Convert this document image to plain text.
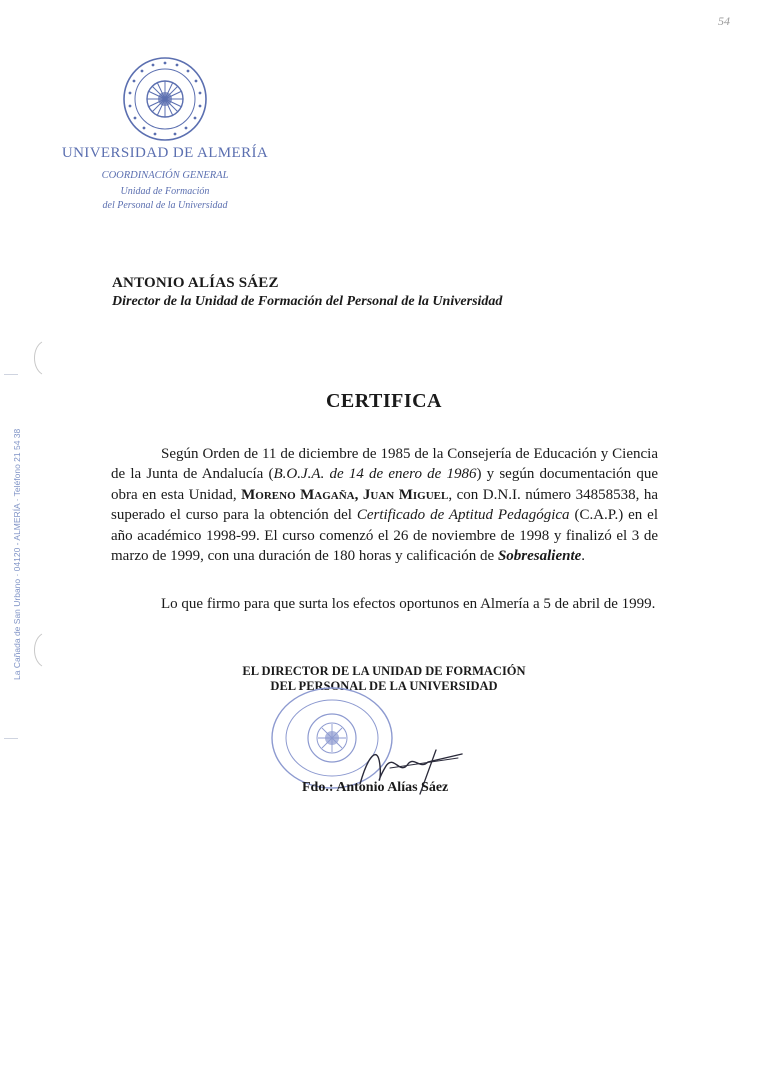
54
UNIVERSIDAD DE ALMERÍA
COORDINACIÓN GENERAL
Unidad de Formación
del Personal de la Universidad
ANTONIO ALÍAS SÁEZ
Director de la Unidad de Formación del Personal de la Universidad
CERTIFICA
Según Orden de 11 de diciembre de 1985 de la Consejería de Educación y Ciencia de la Junta de Andalucía (B.O.J.A. de 14 de enero de 1986) y según documentación que obra en esta Unidad, Moreno Magaña, Juan Miguel, con D.N.I. número 34858538, ha superado el curso para la obtención del Certificado de Aptitud Pedagógica (C.A.P.) en el año académico 1998-99. El curso comenzó el 26 de noviembre de 1998 y finalizó el 3 de marzo de 1999, con una duración de 180 horas y calificación de Sobresaliente.
Lo que firmo para que surta los efectos oportunos en Almería a 5 de abril de 1999.
EL DIRECTOR DE LA UNIDAD DE FORMACIÓN
DEL PERSONAL DE LA UNIVERSIDAD
Fdo.: Antonio Alías Sáez
La Cañada de San Urbano · 04120 - ALMERÍA · Teléfono 21 54 38
